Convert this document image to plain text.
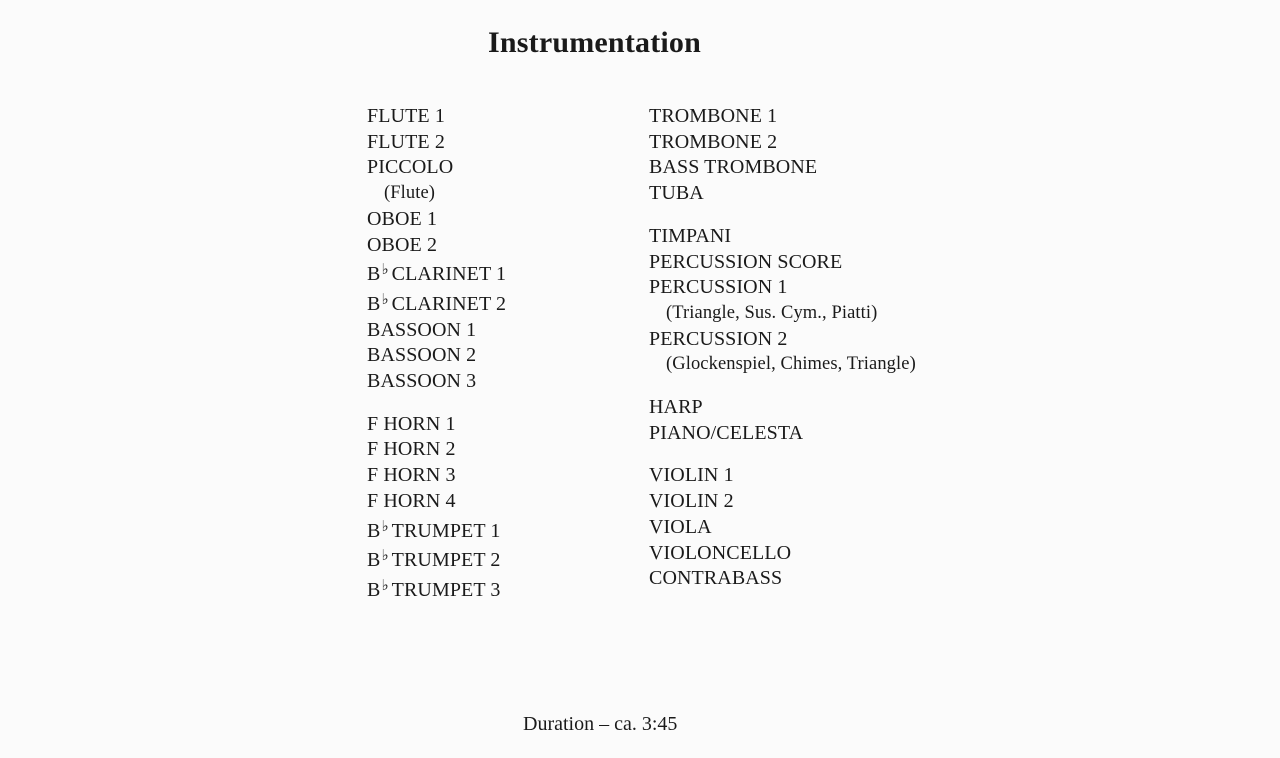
Instrumentation
FLUTE 1
FLUTE 2
PICCOLO
(Flute)
OBOE 1
OBOE 2
B♭ CLARINET 1
B♭ CLARINET 2
BASSOON 1
BASSOON 2
BASSOON 3
F HORN 1
F HORN 2
F HORN 3
F HORN 4
B♭ TRUMPET 1
B♭ TRUMPET 2
B♭ TRUMPET 3
TROMBONE 1
TROMBONE 2
BASS TROMBONE
TUBA
TIMPANI
PERCUSSION SCORE
PERCUSSION 1
(Triangle, Sus. Cym., Piatti)
PERCUSSION 2
(Glockenspiel, Chimes, Triangle)
HARP
PIANO/CELESTA
VIOLIN 1
VIOLIN 2
VIOLA
VIOLONCELLO
CONTRABASS
Duration – ca. 3:45
